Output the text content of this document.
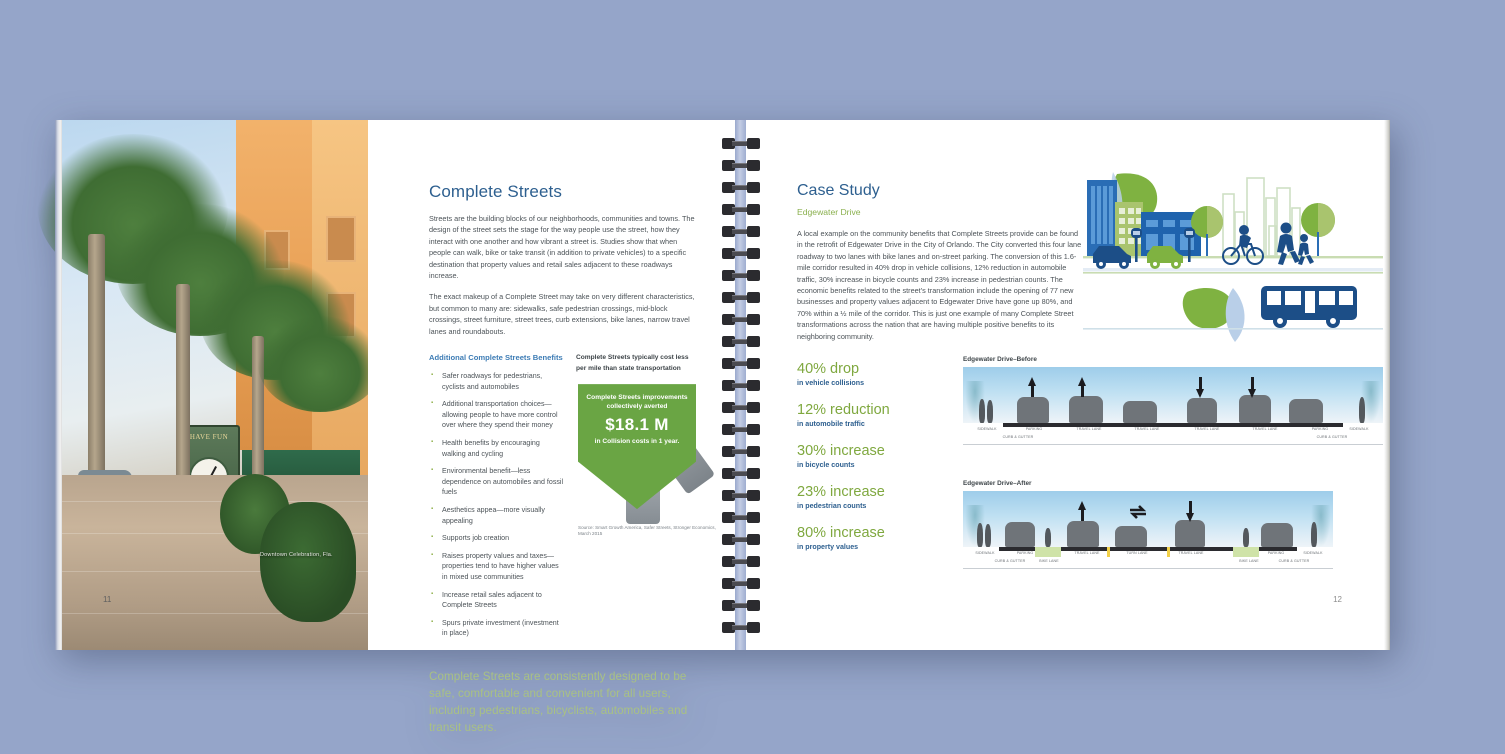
HAVE FUN
Downtown Celebration, Fla.
11
Complete Streets

Streets are the building blocks of our neighborhoods, communities and towns. The design of the street sets the stage for the way people use the street, how they interact with one another and how vibrant a street is. Studies show that when people can walk, bike or take transit (in addition to private vehicles) to a specific destination that property values and retail sales adjacent to these roadways increase.

The exact makeup of a Complete Street may take on very different characteristics, but common to many are: sidewalks, safe pedestrian crossings, mid-block crossings, street furniture, street trees, curb extensions, bike lanes, narrow travel lanes and roundabouts.

Additional Complete Streets Benefits
▪ Safer roadways for pedestrians, cyclists and automobiles
▪ Additional transportation choices—allowing people to have more control over where they spend their money
▪ Health benefits by encouraging walking and cycling
▪ Environmental benefit—less dependence on automobiles and fossil fuels
▪ Aesthetics appea—more visually appealing
▪ Supports job creation
▪ Raises property values and taxes—properties tend to have higher values in mixed use communities
▪ Increase retail sales adjacent to Complete Streets
▪ Spurs private investment (investment in place)
Complete Streets typically cost less per mile than state transportation
Complete Streets improvements collectively averted
$18.1 M
in Collision costs in 1 year.
Source: Smart Growth America, Safer Streets, Stronger Economics, March 2015
Complete Streets are consistently designed to be safe, comfortable and convenient for all users, including pedestrians, bicyclists, automobiles and transit users.
Case Study
Edgewater Drive

A local example on the community benefits that Complete Streets provide can be found in the retrofit of Edgewater Drive in the City of Orlando. The City converted this four lane roadway to two lanes with bike lanes and on-street parking. The conversion of this 1.6-mile corridor resulted in 40% drop in vehicle collisions, 12% reduction in automobile traffic, 30% increase in bicycle counts and 23% increase in pedestrian counts. The economic benefits related to the street's transformation include the opening of 77 new businesses and property values adjacent to Edgewater Drive have gone up 80%, and 70% within a ½ mile of the corridor. This is just one example of many Complete Street transformations across the nation that are having multiple positive benefits to its neighboring community.

40% drop
in vehicle collisions
12% reduction
in automobile traffic
30% increase
in bicycle counts
23% increase
in pedestrian counts
80% increase
in property values
Edgewater Drive–Before
SIDEWALK	PARKING	TRAVEL LANE	TRAVEL LANE	TRAVEL LANE	TRAVEL LANE	PARKING	SIDEWALK
CURB & GUTTER	CURB & GUTTER
Edgewater Drive–After
SIDEWALK	PARKING
BIKE LANE
TRAVEL LANE	TURN LANE	TRAVEL LANE
BIKE LANE
PARKING	SIDEWALK
CURB & GUTTER	CURB & GUTTER
12
